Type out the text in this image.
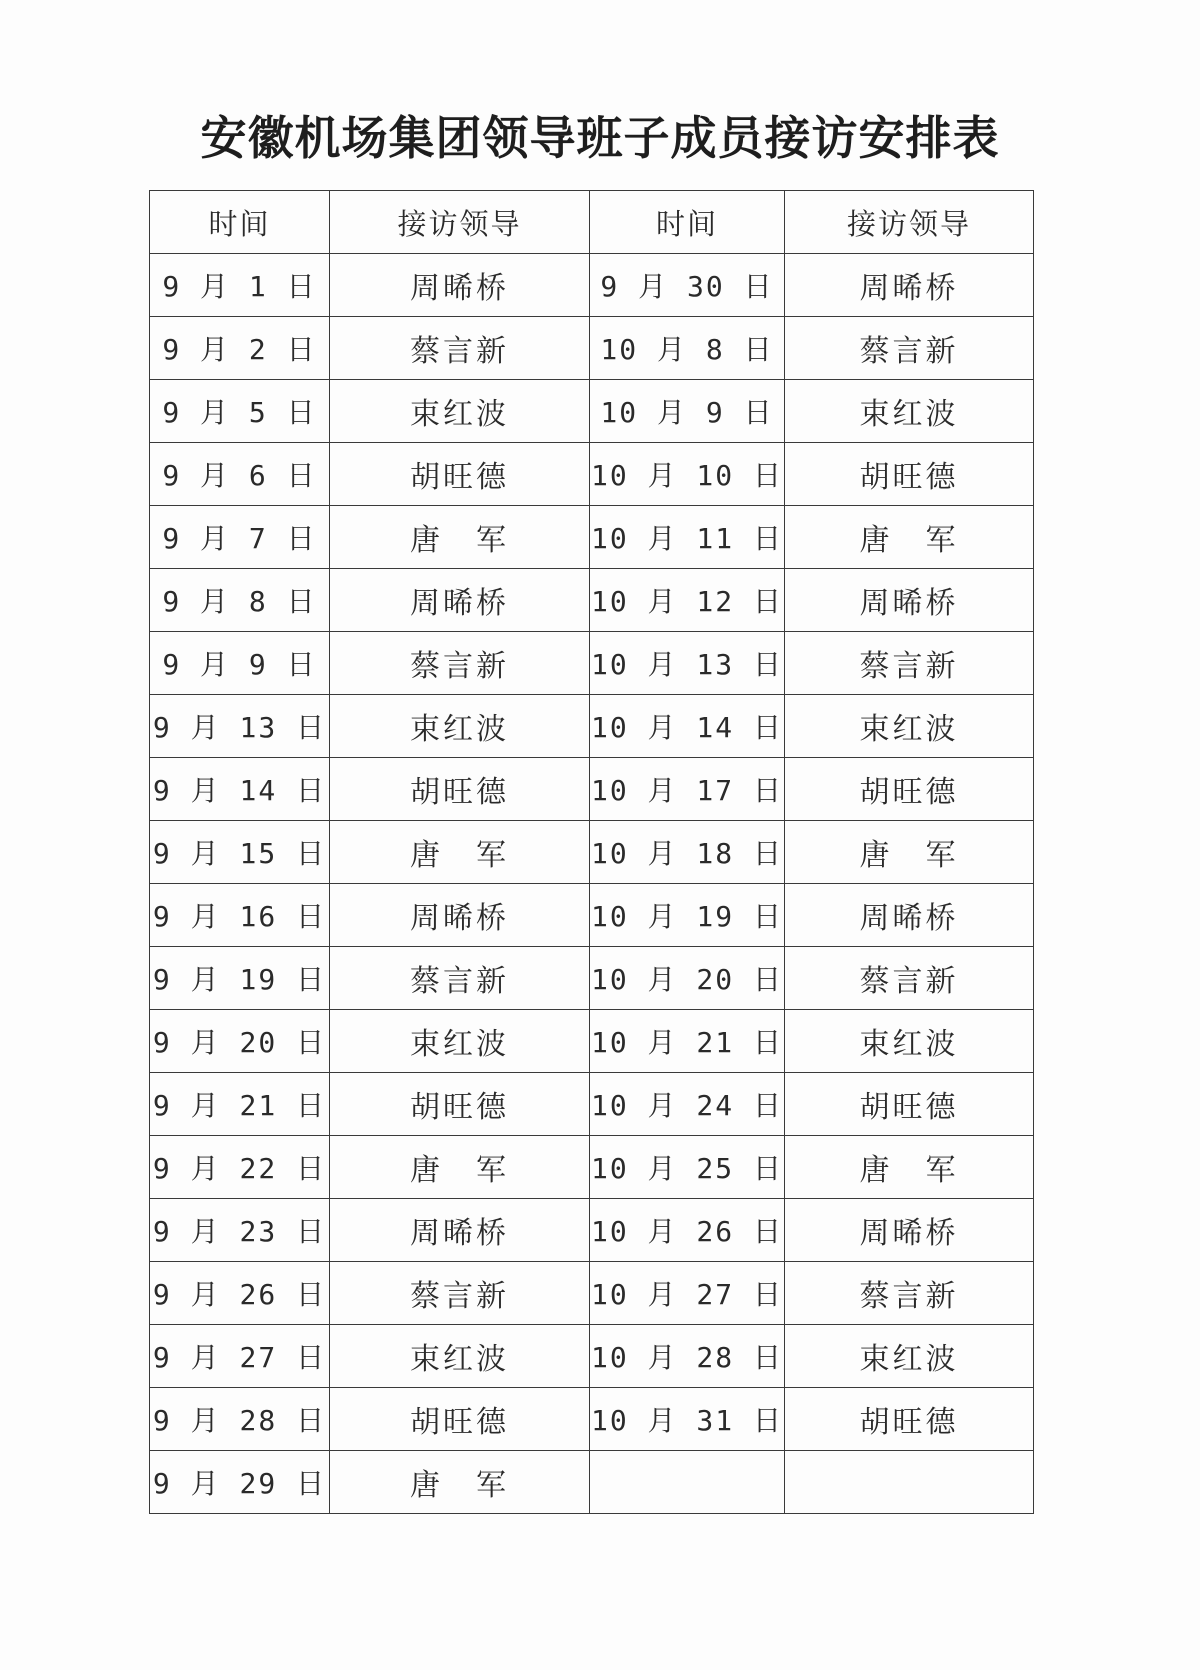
安徽机场集团领导班子成员接访安排表
时间	接访领导	时间	接访领导
9 月 1 日	周晞桥	9 月 30 日	周晞桥
9 月 2 日	蔡言新	10 月 8 日	蔡言新
9 月 5 日	束红波	10 月 9 日	束红波
9 月 6 日	胡旺德	10 月 10 日	胡旺德
9 月 7 日	唐　军	10 月 11 日	唐　军
9 月 8 日	周晞桥	10 月 12 日	周晞桥
9 月 9 日	蔡言新	10 月 13 日	蔡言新
9 月 13 日	束红波	10 月 14 日	束红波
9 月 14 日	胡旺德	10 月 17 日	胡旺德
9 月 15 日	唐　军	10 月 18 日	唐　军
9 月 16 日	周晞桥	10 月 19 日	周晞桥
9 月 19 日	蔡言新	10 月 20 日	蔡言新
9 月 20 日	束红波	10 月 21 日	束红波
9 月 21 日	胡旺德	10 月 24 日	胡旺德
9 月 22 日	唐　军	10 月 25 日	唐　军
9 月 23 日	周晞桥	10 月 26 日	周晞桥
9 月 26 日	蔡言新	10 月 27 日	蔡言新
9 月 27 日	束红波	10 月 28 日	束红波
9 月 28 日	胡旺德	10 月 31 日	胡旺德
9 月 29 日	唐　军		
